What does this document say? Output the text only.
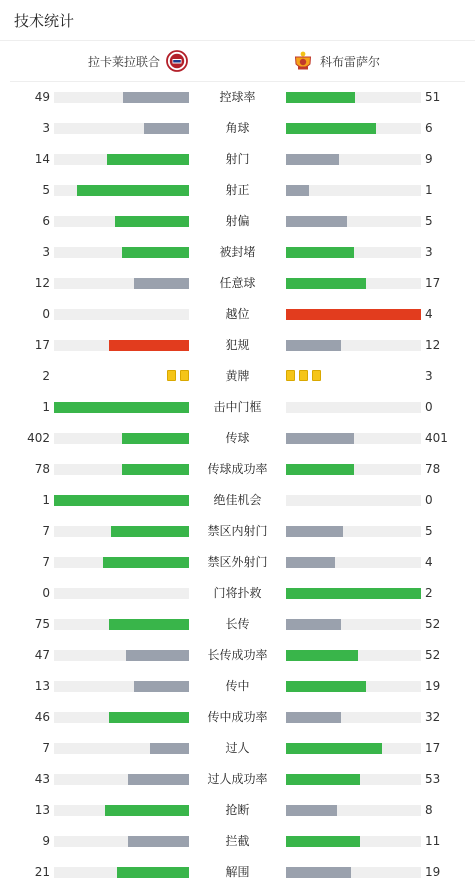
技术统计
拉卡莱拉联合	科布雷萨尔
49	控球率	51
3	角球	6
14	射门	9
5	射正	1
6	射偏	5
3	被封堵	3
12	任意球	17
0	越位	4
17	犯规	12
2	黄牌	3
1	击中门框	0
402	传球	401
78	传球成功率	78
1	绝佳机会	0
7	禁区内射门	5
7	禁区外射门	4
0	门将扑救	2
75	长传	52
47	长传成功率	52
13	传中	19
46	传中成功率	32
7	过人	17
43	过人成功率	53
13	抢断	8
9	拦截	11
21	解围	19
